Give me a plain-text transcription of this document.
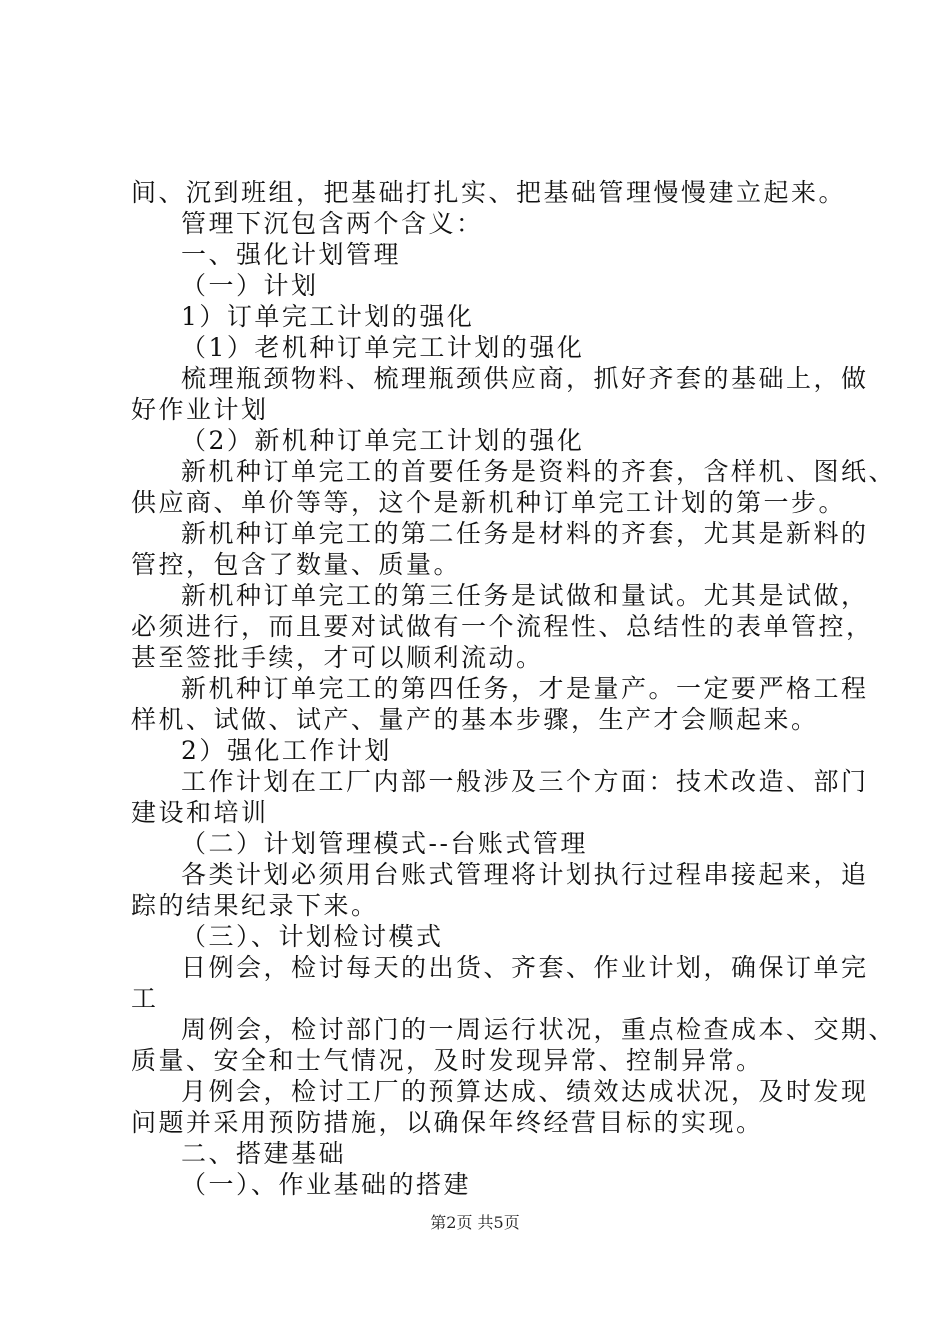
间、沉到班组，把基础打扎实、把基础管理慢慢建立起来。
管理下沉包含两个含义：
一、强化计划管理
（一）计划
1）订单完工计划的强化
（1）老机种订单完工计划的强化
梳理瓶颈物料、梳理瓶颈供应商，抓好齐套的基础上，做
好作业计划
（2）新机种订单完工计划的强化
新机种订单完工的首要任务是资料的齐套，含样机、图纸、
供应商、单价等等，这个是新机种订单完工计划的第一步。
新机种订单完工的第二任务是材料的齐套，尤其是新料的
管控，包含了数量、质量。
新机种订单完工的第三任务是试做和量试。尤其是试做，
必须进行，而且要对试做有一个流程性、总结性的表单管控，
甚至签批手续，才可以顺利流动。
新机种订单完工的第四任务，才是量产。一定要严格工程
样机、试做、试产、量产的基本步骤，生产才会顺起来。
2）强化工作计划
工作计划在工厂内部一般涉及三个方面：技术改造、部门
建设和培训
（二）计划管理模式--台账式管理
各类计划必须用台账式管理将计划执行过程串接起来，追
踪的结果纪录下来。
（三）、计划检讨模式
日例会，检讨每天的出货、齐套、作业计划，确保订单完
工
周例会，检讨部门的一周运行状况，重点检查成本、交期、
质量、安全和士气情况，及时发现异常、控制异常。
月例会，检讨工厂的预算达成、绩效达成状况，及时发现
问题并采用预防措施，以确保年终经营目标的实现。
二、搭建基础
（一）、作业基础的搭建
第2页 共5页
